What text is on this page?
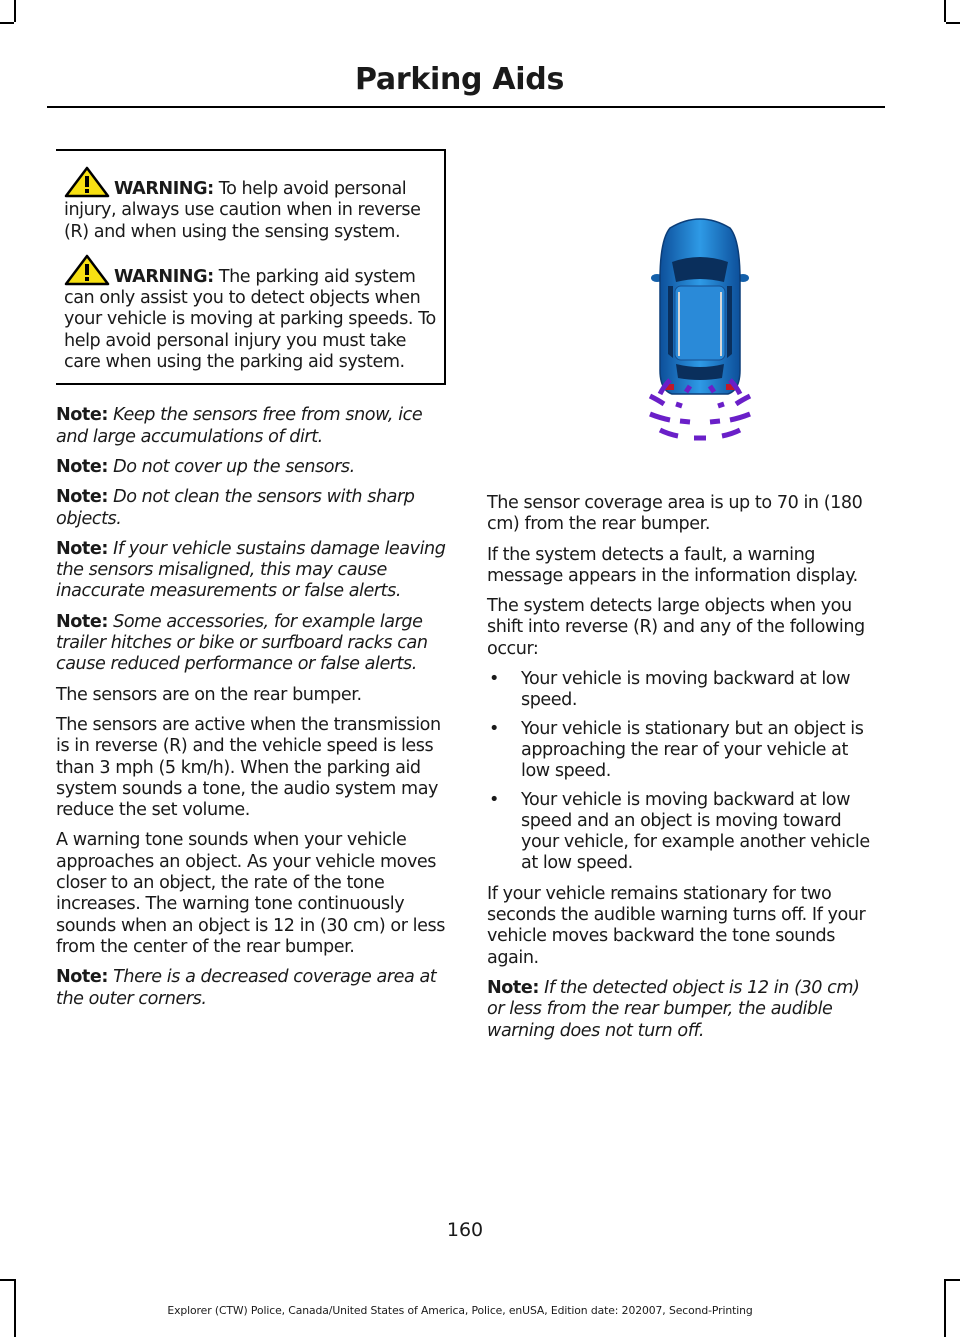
Parking Aids

WARNING: To help avoid personal injury, always use caution when in reverse (R) and when using the sensing system.

WARNING: The parking aid system can only assist you to detect objects when your vehicle is moving at parking speeds. To help avoid personal injury you must take care when using the parking aid system.

Note: Keep the sensors free from snow, ice and large accumulations of dirt.

Note: Do not cover up the sensors.

Note: Do not clean the sensors with sharp objects.

Note: If your vehicle sustains damage leaving the sensors misaligned, this may cause inaccurate measurements or false alerts.

Note: Some accessories, for example large trailer hitches or bike or surfboard racks can cause reduced performance or false alerts.

The sensors are on the rear bumper.

The sensors are active when the transmission is in reverse (R) and the vehicle speed is less than 3 mph (5 km/h). When the parking aid system sounds a tone, the audio system may reduce the set volume.

A warning tone sounds when your vehicle approaches an object. As your vehicle moves closer to an object, the rate of the tone increases. The warning tone continuously sounds when an object is 12 in (30 cm) or less from the center of the rear bumper.

Note: There is a decreased coverage area at the outer corners.

The sensor coverage area is up to 70 in (180 cm) from the rear bumper.

If the system detects a fault, a warning message appears in the information display.

The system detects large objects when you shift into reverse (R) and any of the following occur:

• Your vehicle is moving backward at low speed.
• Your vehicle is stationary but an object is approaching the rear of your vehicle at low speed.
• Your vehicle is moving backward at low speed and an object is moving toward your vehicle, for example another vehicle at low speed.

If your vehicle remains stationary for two seconds the audible warning turns off. If your vehicle moves backward the tone sounds again.

Note: If the detected object is 12 in (30 cm) or less from the rear bumper, the audible warning does not turn off.

160
Explorer (CTW) Police, Canada/United States of America, Police, enUSA, Edition date: 202007, Second-Printing
